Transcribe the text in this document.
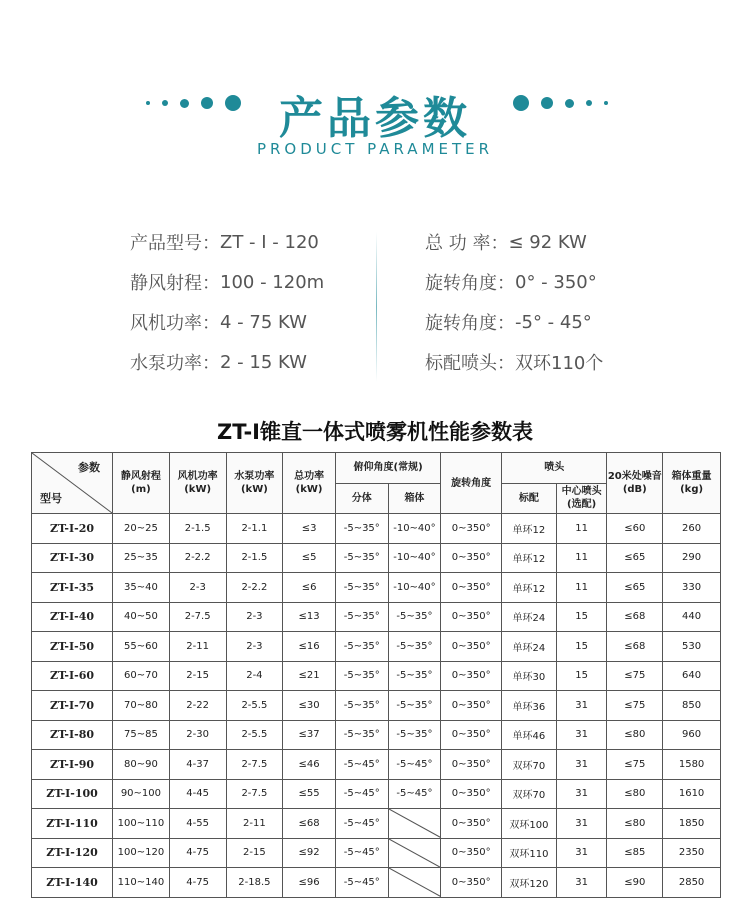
产品参数
PRODUCT PARAMETER
产品型号： ZT - I - 120
静风射程： 100 - 120m
风机功率： 4 - 75 KW
水泵功率： 2 - 15 KW
总 功 率： ≤ 92 KW
旋转角度： 0° - 350°
旋转角度： -5° - 45°
标配喷头： 双环110个
ZT-I锥直一体式喷雾机性能参数表
参数
型号	静风射程(m)	风机功率(kW)	水泵功率(kW)	总功率(kW)	俯仰角度(常规)		旋转角度	喷头		20米处噪音(dB)	箱体重量(kg)
					分体	箱体		标配	中心喷头(选配)		
ZT-I-20	20~25	2-1.5	2-1.1	≤3	-5~35°	-10~40°	0~350°	单环12	11	≤60	260
ZT-I-30	25~35	2-2.2	2-1.5	≤5	-5~35°	-10~40°	0~350°	单环12	11	≤65	290
ZT-I-35	35~40	2-3	2-2.2	≤6	-5~35°	-10~40°	0~350°	单环12	11	≤65	330
ZT-I-40	40~50	2-7.5	2-3	≤13	-5~35°	-5~35°	0~350°	单环24	15	≤68	440
ZT-I-50	55~60	2-11	2-3	≤16	-5~35°	-5~35°	0~350°	单环24	15	≤68	530
ZT-I-60	60~70	2-15	2-4	≤21	-5~35°	-5~35°	0~350°	单环30	15	≤75	640
ZT-I-70	70~80	2-22	2-5.5	≤30	-5~35°	-5~35°	0~350°	单环36	31	≤75	850
ZT-I-80	75~85	2-30	2-5.5	≤37	-5~35°	-5~35°	0~350°	单环46	31	≤80	960
ZT-I-90	80~90	4-37	2-7.5	≤46	-5~45°	-5~45°	0~350°	双环70	31	≤75	1580
ZT-I-100	90~100	4-45	2-7.5	≤55	-5~45°	-5~45°	0~350°	双环70	31	≤80	1610
ZT-I-110	100~110	4-55	2-11	≤68	-5~45°		0~350°	双环100	31	≤80	1850
ZT-I-120	100~120	4-75	2-15	≤92	-5~45°		0~350°	双环110	31	≤85	2350
ZT-I-140	110~140	4-75	2-18.5	≤96	-5~45°		0~350°	双环120	31	≤90	2850
